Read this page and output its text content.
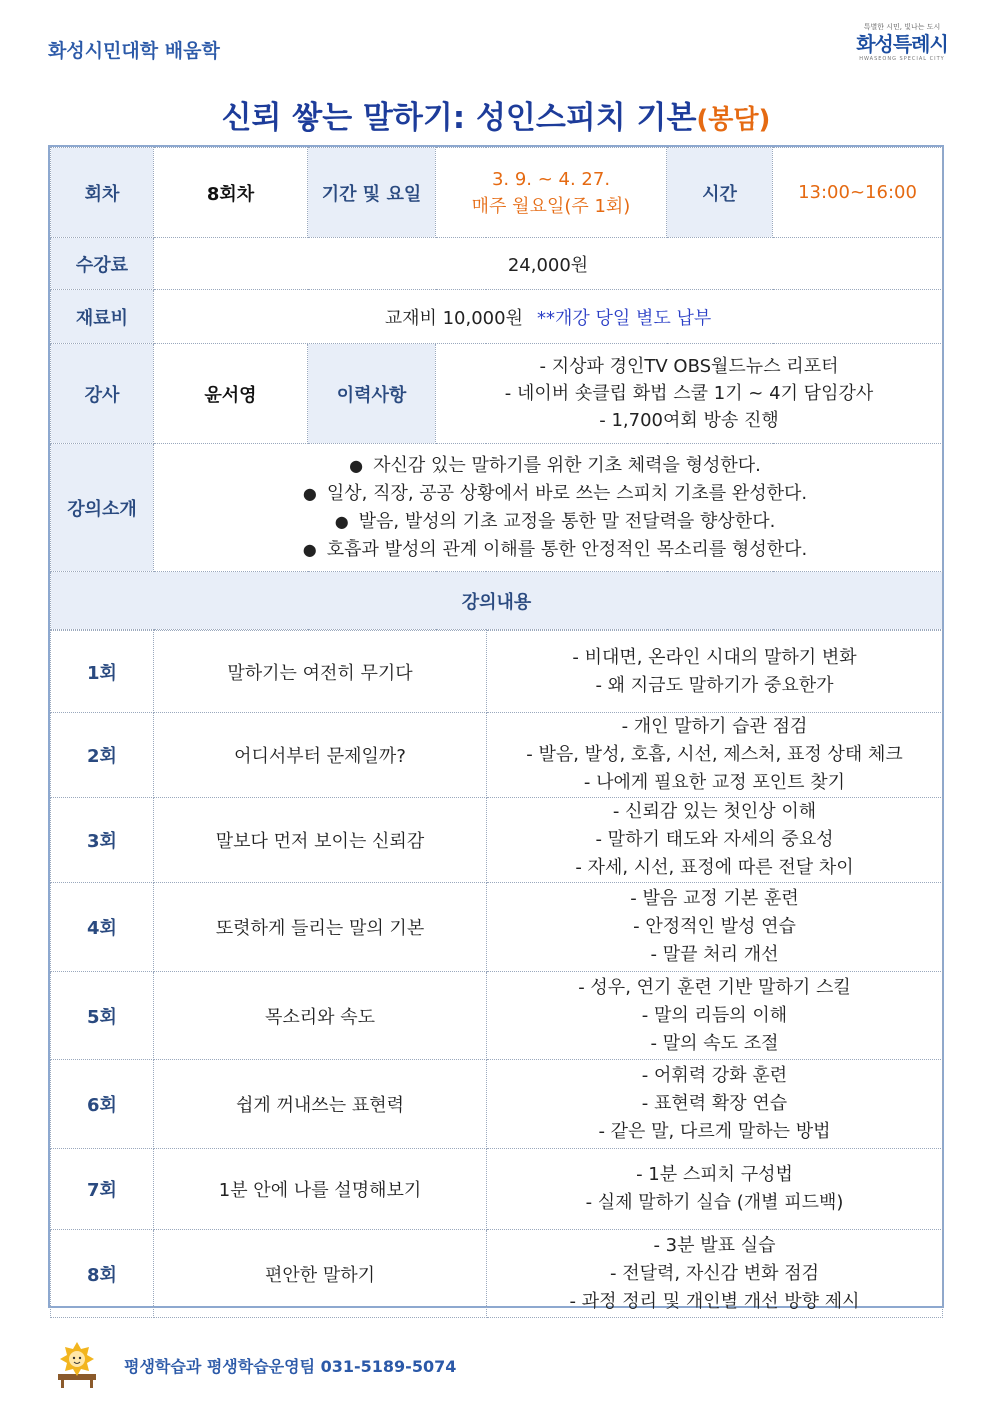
화성시민대학 배움학
특별한 시민, 빛나는 도시
화성특례시
HWASEONG SPECIAL CITY
신뢰 쌓는 말하기: 성인스피치 기본(봉담)
회차	8회차	기간 및 요일	3. 9. ~ 4. 27.
매주 월요일(주 1회)	시간	13:00~16:00
수강료	24,000원				
재료비	교재비 10,000원 **개강 당일 별도 납부				
강사	윤서영	이력사항	- 지상파 경인TV OBS월드뉴스 리포터
- 네이버 숏클립 화법 스쿨 1기 ~ 4기 담임강사
- 1,700여회 방송 진행		

강의소개	● 자신감 있는 말하기를 위한 기초 체력을 형성한다.
● 일상, 직장, 공공 상황에서 바로 쓰는 스피치 기초를 완성한다.
● 발음, 발성의 기초 교정을 통한 말 전달력을 향상한다.
● 호흡과 발성의 관계 이해를 통한 안정적인 목소리를 형성한다.				

강의내용					
1회	말하기는 여전히 무기다	- 비대면, 온라인 시대의 말하기 변화
- 왜 지금도 말하기가 중요한가

2회	어디서부터 문제일까?	- 개인 말하기 습관 점검
- 발음, 발성, 호흡, 시선, 제스처, 표정 상태 체크
- 나에게 필요한 교정 포인트 찾기

3회	말보다 먼저 보이는 신뢰감	- 신뢰감 있는 첫인상 이해
- 말하기 태도와 자세의 중요성
- 자세, 시선, 표정에 따른 전달 차이

4회	또렷하게 들리는 말의 기본	- 발음 교정 기본 훈련
- 안정적인 발성 연습
- 말끝 처리 개선

5회	목소리와 속도	- 성우, 연기 훈련 기반 말하기 스킬
- 말의 리듬의 이해
- 말의 속도 조절

6회	쉽게 꺼내쓰는 표현력	- 어휘력 강화 훈련
- 표현력 확장 연습
- 같은 말, 다르게 말하는 방법

7회	1분 안에 나를 설명해보기	- 1분 스피치 구성법
- 실제 말하기 실습 (개별 피드백)

8회	편안한 말하기	- 3분 발표 실습
- 전달력, 자신감 변화 점검
- 과정 정리 및 개인별 개선 방향 제시
평생학습과 평생학습운영팀 031-5189-5074
